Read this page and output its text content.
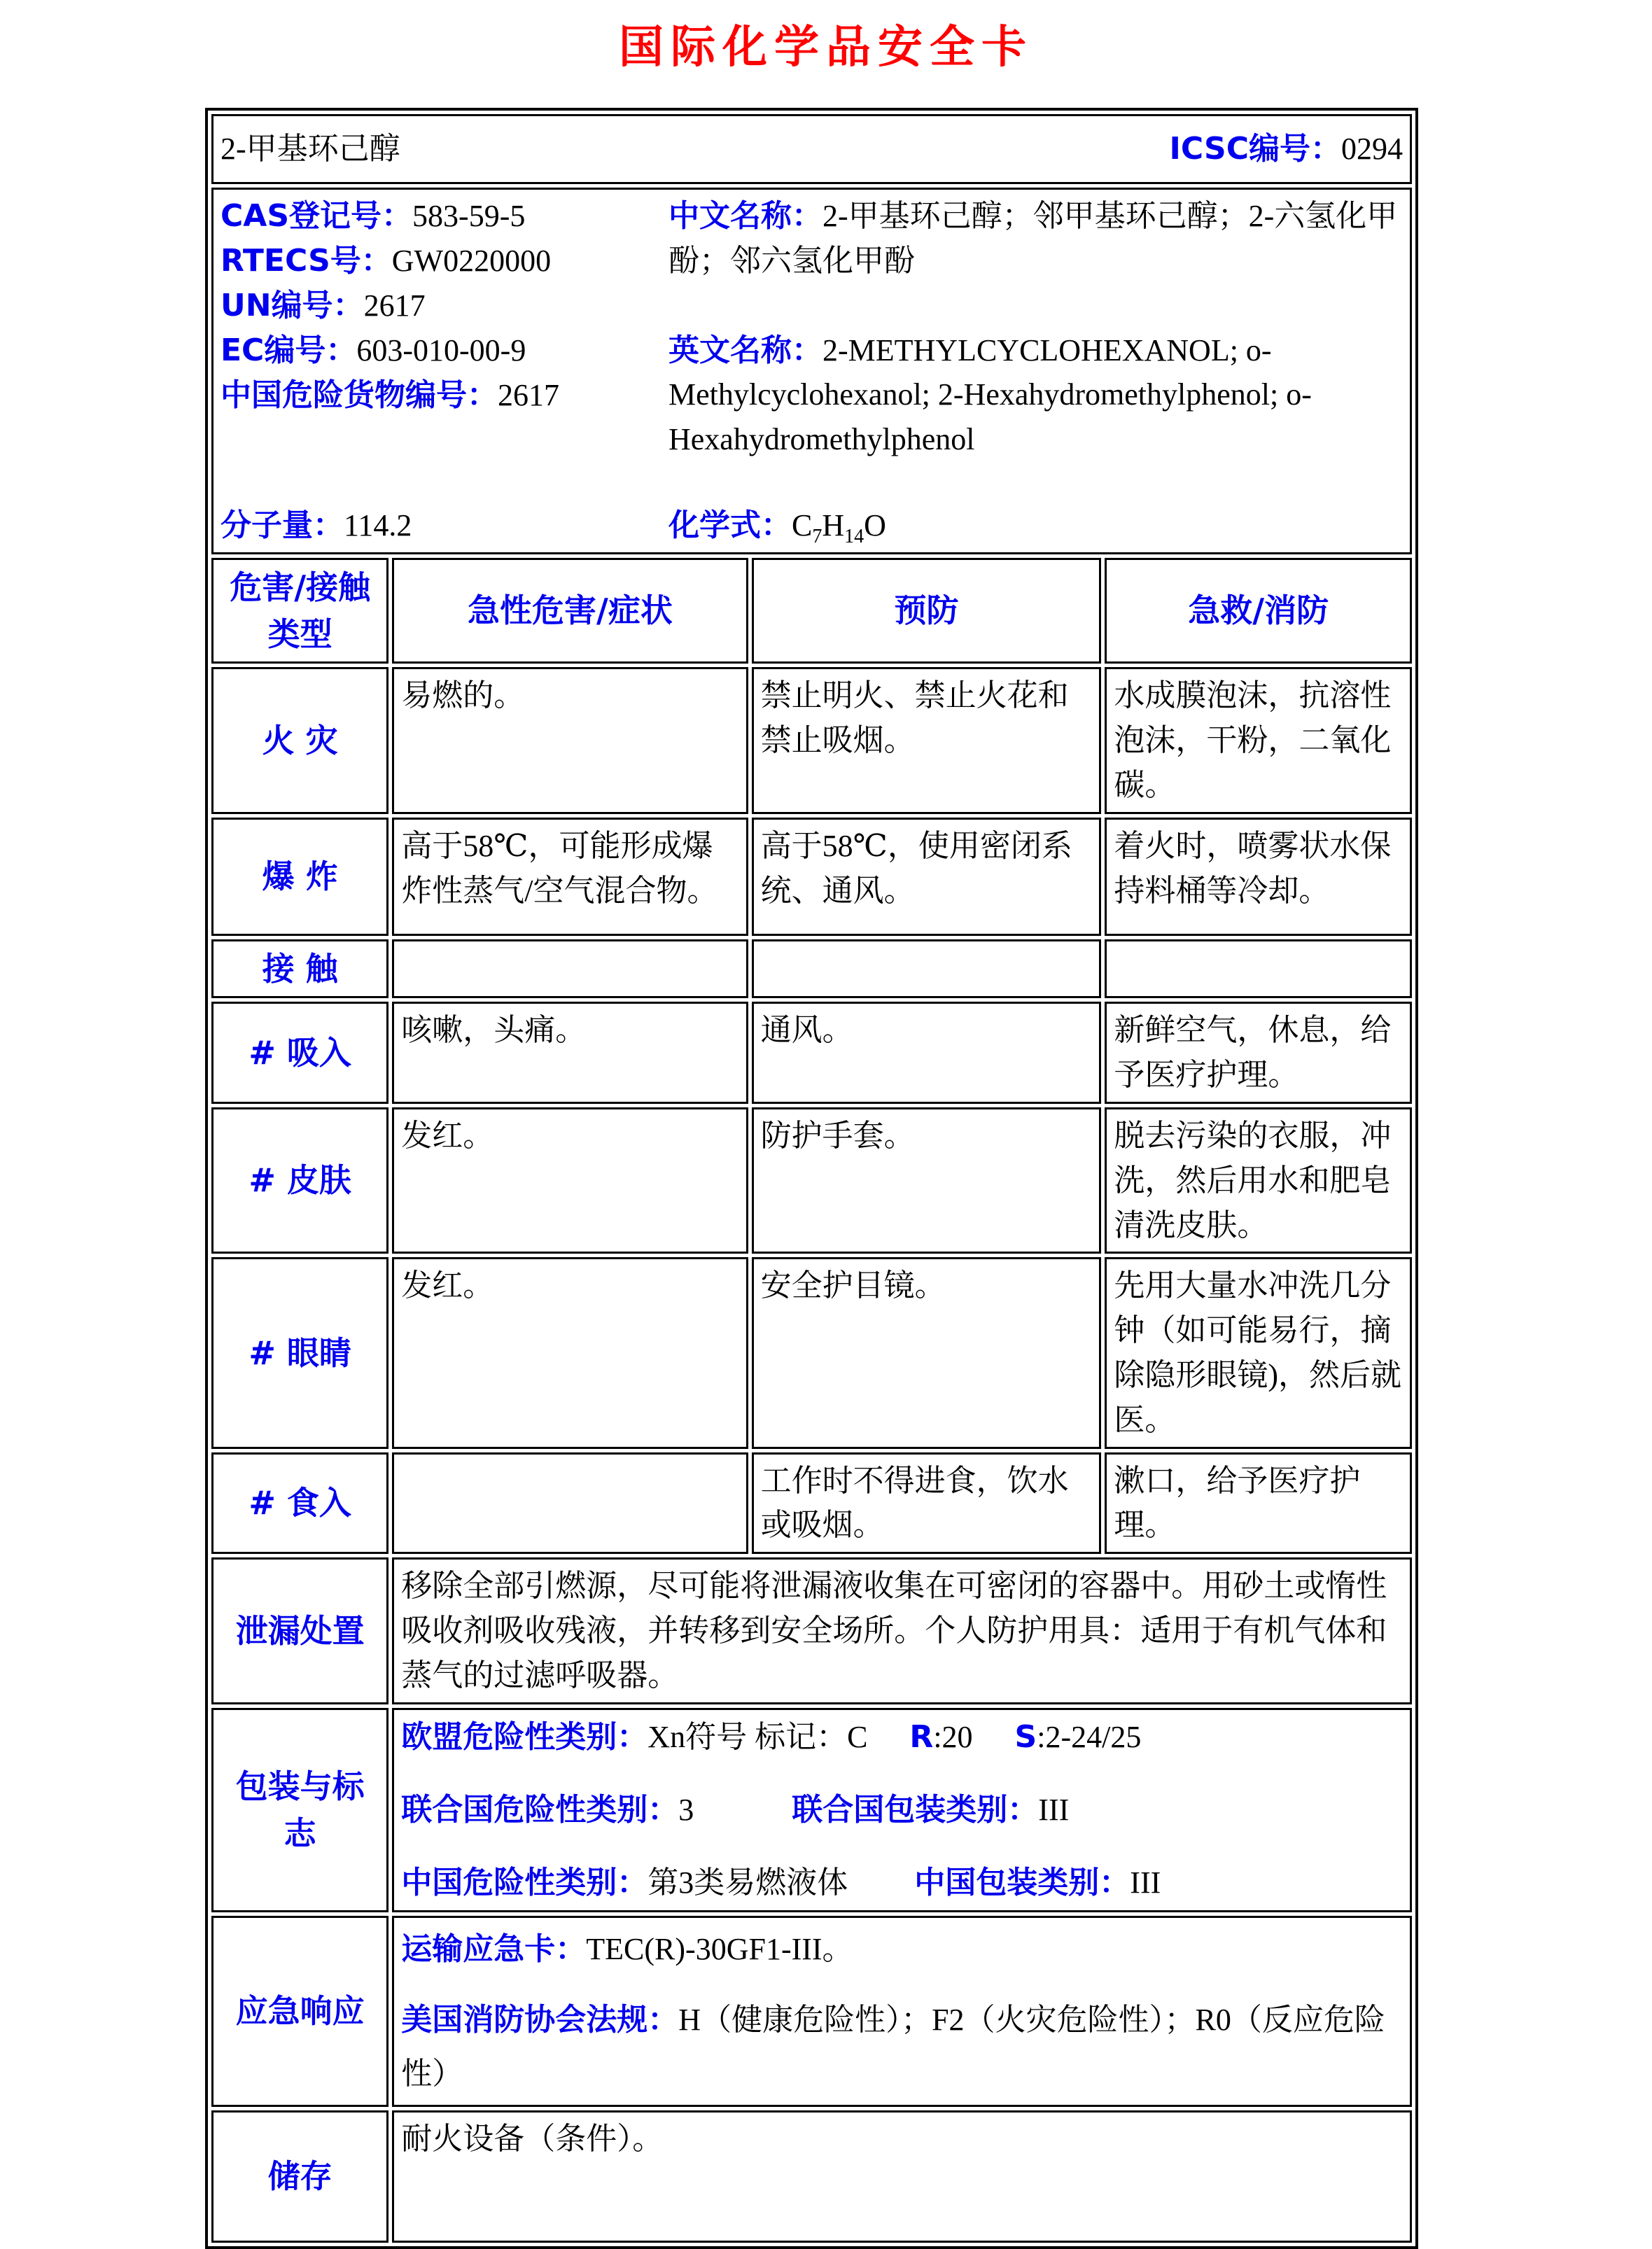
国际化学品安全卡
2-甲基环己醇 ICSC编号：0294			

CAS登记号：583-59-5
RTECS号：GW0220000
UN编号：2617
EC编号：603-010-00-9
中国危险货物编号：2617
分子量：114.2
中文名称：2-甲基环己醇；邻甲基环己醇；2-六氢化甲酚；邻六氢化甲酚
英文名称：2-METHYLCYCLOHEXANOL; o-Methylcyclohexanol; 2-Hexahydromethylphenol; o-Hexahydromethylphenol
化学式：$C_7H_{14}O$

危害/接触类型	急性危害/症状	预防	急救/消防
火 灾	易燃的。	禁止明火、禁止火花和禁止吸烟。	水成膜泡沫，抗溶性泡沫，干粉，二氧化碳。
爆 炸	高于58℃，可能形成爆炸性蒸气/空气混合物。	高于58℃，使用密闭系统、通风。	着火时，喷雾状水保持料桶等冷却。
接 触			
# 吸入	咳嗽，头痛。	通风。	新鲜空气，休息，给予医疗护理。
# 皮肤	发红。	防护手套。	脱去污染的衣服，冲洗，然后用水和肥皂清洗皮肤。
# 眼睛	发红。	安全护目镜。	先用大量水冲洗几分钟（如可能易行，摘除隐形眼镜)，然后就医。
# 食入		工作时不得进食，饮水或吸烟。	漱口，给予医疗护理。
泄漏处置	移除全部引燃源，尽可能将泄漏液收集在可密闭的容器中。用砂土或惰性吸收剂吸收残液，并转移到安全场所。个人防护用具：适用于有机气体和蒸气的过滤呼吸器。		
包装与标志	欧盟危险性类别：Xn符号 标记：C R:20 S:2-24/25
联合国危险性类别：3 联合国包装类别：III
中国危险性类别：第3类易燃液体 中国包装类别：III		

应急响应	运输应急卡：TEC(R)-30GF1-III。
美国消防协会法规：H（健康危险性）；F2（火灾危险性）；R0（反应危险性）		

储存	耐火设备（条件）。		
